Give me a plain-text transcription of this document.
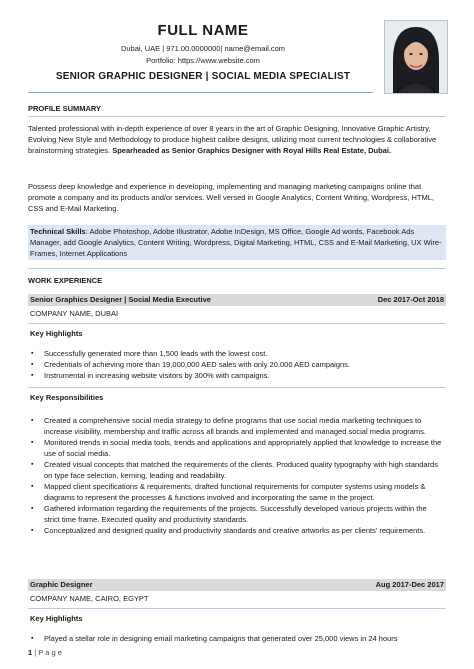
FULL NAME
Dubai, UAE | 971.00.0000000| name@email.com
Portfolio: https://www.website.com
SENIOR GRAPHIC DESIGNER | SOCIAL MEDIA SPECIALIST
PROFILE SUMMARY
Talented professional with in-depth experience of over 8 years in the art of Graphic Designing, Innovative Graphic Artistry, Evolving New Style and Methodology to produce highest calibre designs, utilizing most current technologies & collaborative brainstorming strategies. Spearheaded as Senior Graphics Designer with Royal Hills Real Estate, Dubai.
Possess deep knowledge and experience in developing, implementing and managing marketing campaigns online that promote a company and its products and/or services. Well versed in Google Analytics, Content Writing, Wordpress, HTML, CSS and E-Mail Marketing.
Technical Skills: Adobe Photoshop, Adobe Illustrator, Adobe InDesign, MS Office, Google Ad words, Facebook Ads Manager, add Google Analytics, Content Writing, Wordpress, Digital Marketing, HTML, CSS and E-Mail Marketing, UX Wire-Frames, Internet Applications
WORK EXPERIENCE
Senior Graphics Designer | Social Media Executive	Dec 2017-Oct 2018
COMPANY NAME, DUBAI
Key Highlights
▪ Successfully generated more than 1,500 leads with the lowest cost.
▪ Credentials of achieving more than 19,000,000 AED sales with only 20.000 AED campaigns.
▪ Instrumental in increasing website visitors by 300% with campaigns.
Key Responsibilities
▪ Created a comprehensive social media strategy to define programs that use social media marketing techniques to increase visibility, membership and traffic across all brands and implemented and managed social media programs.
▪ Monitored trends in social media tools, trends and applications and appropriately applied that knowledge to increase the use of social media.
▪ Created visual concepts that matched the requirements of the clients. Produced quality typography with high standards on type face selection, kerning, leading and readability.
▪ Mapped client specifications & requirements, drafted functional requirements for computer systems using models & diagrams to represent the processes & functions involved and incorporating the same in the project.
▪ Gathered information regarding the requirements of the projects. Successfully developed various projects within the strict time frame. Executed quality and productivity standards.
▪ Conceptualized and designed quality and productivity standards and creative artworks as per clients' requirements.
Graphic Designer	Aug 2017-Dec 2017
COMPANY NAME, CAIRO, EGYPT
Key Highlights
▪ Played a stellar role in designing email marketing campaigns that generated over 25,000 views in 24 hours
1 | P a g e
